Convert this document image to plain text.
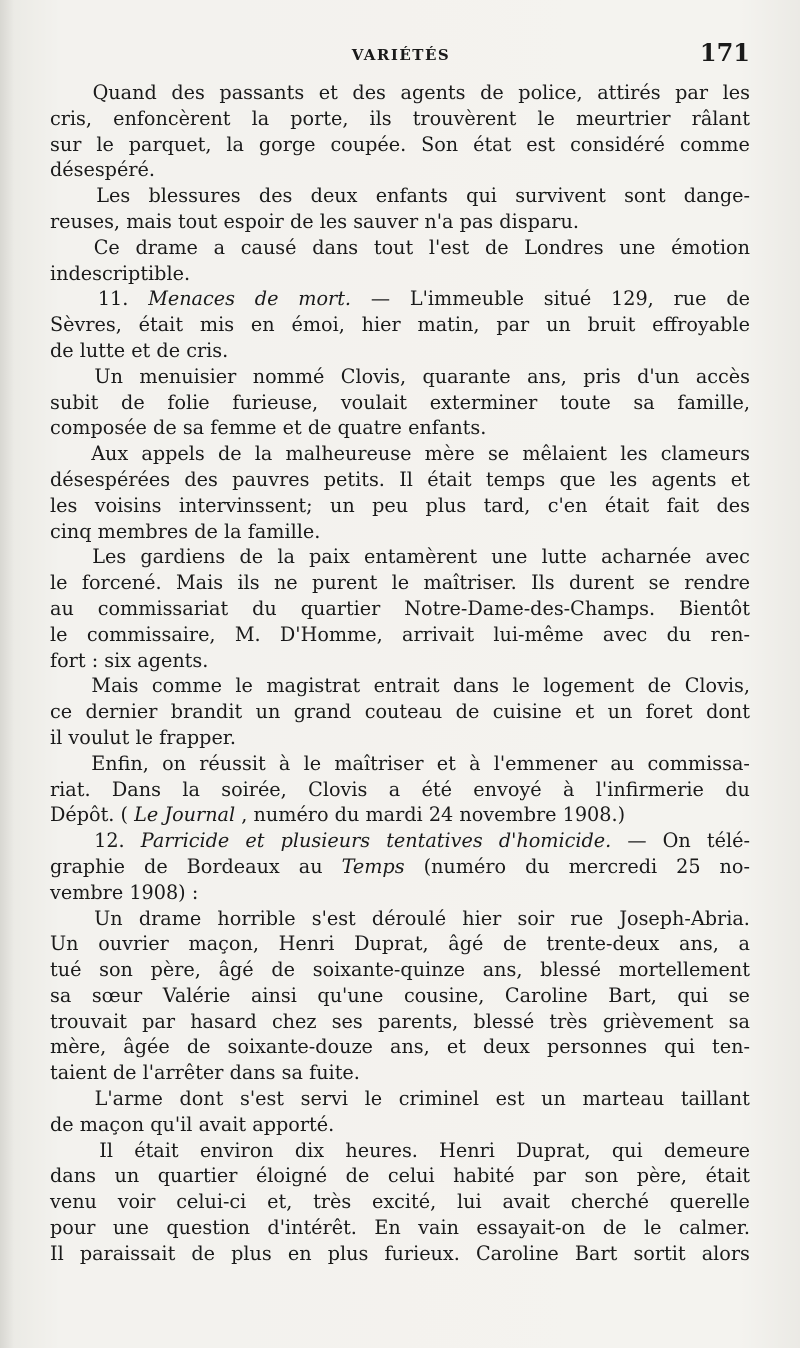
VARIÉTÉS	171
Quand des passants et des agents de police, attirés par les
cris, enfoncèrent la porte, ils trouvèrent le meurtrier râlant
sur le parquet, la gorge coupée. Son état est considéré comme
désespéré.
Les blessures des deux enfants qui survivent sont dange-
reuses, mais tout espoir de les sauver n'a pas disparu.
Ce drame a causé dans tout l'est de Londres une émotion
indescriptible.
11. Menaces de mort. — L'immeuble situé 129, rue de
Sèvres, était mis en émoi, hier matin, par un bruit effroyable
de lutte et de cris.
Un menuisier nommé Clovis, quarante ans, pris d'un accès
subit de folie furieuse, voulait exterminer toute sa famille,
composée de sa femme et de quatre enfants.
Aux appels de la malheureuse mère se mêlaient les clameurs
désespérées des pauvres petits. Il était temps que les agents et
les voisins intervinssent; un peu plus tard, c'en était fait des
cinq membres de la famille.
Les gardiens de la paix entamèrent une lutte acharnée avec
le forcené. Mais ils ne purent le maîtriser. Ils durent se rendre
au commissariat du quartier Notre-Dame-des-Champs. Bientôt
le commissaire, M. D'Homme, arrivait lui-même avec du ren-
fort : six agents.
Mais comme le magistrat entrait dans le logement de Clovis,
ce dernier brandit un grand couteau de cuisine et un foret dont
il voulut le frapper.
Enfin, on réussit à le maîtriser et à l'emmener au commissa-
riat. Dans la soirée, Clovis a été envoyé à l'infirmerie du
Dépôt. ( Le Journal , numéro du mardi 24 novembre 1908.)
12. Parricide et plusieurs tentatives d'homicide. — On télé-
graphie de Bordeaux au Temps (numéro du mercredi 25 no-
vembre 1908) :
Un drame horrible s'est déroulé hier soir rue Joseph-Abria.
Un ouvrier maçon, Henri Duprat, âgé de trente-deux ans, a
tué son père, âgé de soixante-quinze ans, blessé mortellement
sa sœur Valérie ainsi qu'une cousine, Caroline Bart, qui se
trouvait par hasard chez ses parents, blessé très grièvement sa
mère, âgée de soixante-douze ans, et deux personnes qui ten-
taient de l'arrêter dans sa fuite.
L'arme dont s'est servi le criminel est un marteau taillant
de maçon qu'il avait apporté.
Il était environ dix heures. Henri Duprat, qui demeure
dans un quartier éloigné de celui habité par son père, était
venu voir celui-ci et, très excité, lui avait cherché querelle
pour une question d'intérêt. En vain essayait-on de le calmer.
Il paraissait de plus en plus furieux. Caroline Bart sortit alors
